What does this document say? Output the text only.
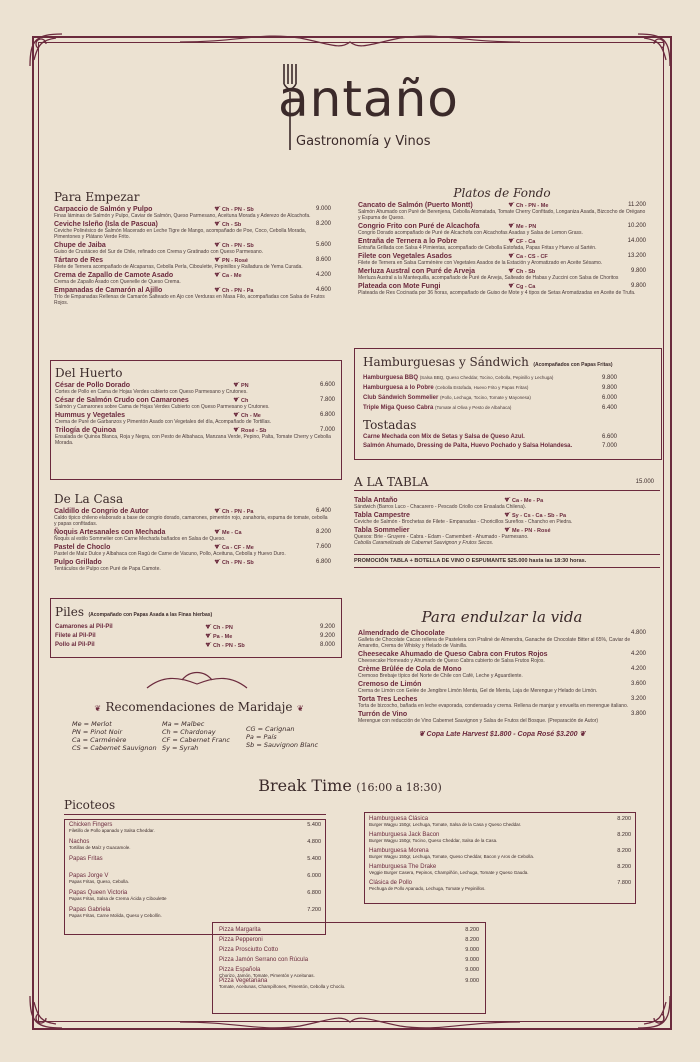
antaño
Gastronomía y Vinos
Para Empezar
Carpaccio de Salmón y Pulpo	Ch - PN - Sb	9.000
Finas láminas de Salmón y Pulpo, Caviar de Salmón, Queso Parmesano, Aceituna Morada y Aderezo de Alcachofa.
Ceviche Isleño (Isla de Pascua)	Ch - Sb	8.200
Ceviche Polinésico de Salmón Macerado en Leche Tigre de Mango, acompañado de Poe, Coco, Cebolla Morada, Pimentones y Plátano Verde Frito.
Chupe de Jaiba	Ch - PN - Sb	5.600
Guiso de Crustáceo del Sur de Chile, refinado con Crema y Gratinado con Queso Parmesano.
Tártaro de Res	PN - Rosé	8.600
Filete de Ternera acompañado de Alcaparras, Cebolla Perla, Ciboulette, Pepinillos y Ralladura de Yema Curada.
Crema de Zapallo de Camote Asado	Ca - Me	4.200
Crema de Zapallo Asado con Quenelle de Queso Crema.
Empanadas de Camarón al Ajillo	Ch - PN - Pa	4.600
Trío de Empanadas Rellenas de Camarón Salteado en Ajo con Verduras en Masa Filo, acompañadas con Salsa de Frutos Rojos.
Del Huerto
César de Pollo Dorado	PN	6.600
Cortes de Pollo en Cama de Hojas Verdes cubierto con Queso Parmesano y Crutones.
César de Salmón Crudo con Camarones	Ch	7.800
Salmón y Camarones sobre Cama de Hojas Verdes Cubierto con Queso Parmesano y Crutones.
Hummus y Vegetales	Ch - Me	6.800
Crema de Puré de Garbanzos y Pimentón Asado con Vegetales del día, Acompañado de Tortillas.
Trilogía de Quinoa	Rosé - Sb	7.000
Ensalada de Quinoa Blanca, Roja y Negra, con Pesto de Albahaca, Manzana Verde, Pepino, Palta, Tomate Cherry y Cebolla Morada.
De La Casa
Caldillo de Congrio de Autor	Ch - PN - Pa	6.400
Caldo típico chileno elaborado a base de congrio dorado, camarones, pimentón rojo, zanahoria, espuma de tomate, cebolla y papas confitadas.
Ñoquis Artesanales con Mechada	Me - Ca	8.200
Ñoquis al estilo Sommelier con Carne Mechada bañados en Salsa de Queso.
Pastel de Choclo	Ca - CF - Me	7.600
Pastel de Maíz Dulce y Albahaca con Ragú de Carne de Vacuno, Pollo, Aceituna, Cebolla y Huevo Duro.
Pulpo Grillado	Ch - PN - Sb	6.800
Tentáculos de Pulpo con Puré de Papa Camote.
Piles (Acompañado con Papas Asada a las Finas hierbas)
Camarones al Pil-Pil	Ch - PN	9.200
Filete al Pil-Pil	Pa - Me	9.200
Pollo al Pil-Pil	Ch - PN - Sb	8.000
❦ Recomendaciones de Maridaje ❦
Me = Merlot
PN = Pinot Noir
Ca = Carménère
CS = Cabernet Sauvignon
Ma = Malbec
Ch = Chardonay
CF = Cabernet Franc
Sy = Syrah
CG = Carignan
Pa = País
Sb = Sauvignon Blanc
Platos de Fondo
Cancato de Salmón (Puerto Montt)	Ch - PN - Me	11.200
Salmón Ahumado con Puré de Berenjena, Cebolla Atomatada, Tomate Cherry Confitado, Longaniza Asada, Bizcocho de Orégano y Espuma de Queso.
Congrio Frito con Puré de Alcachofa	Me - PN	10.200
Congrio Dorado acompañado de Puré de Alcachofa con Alcachofas Asadas y Salsa de Lemon Grass.
Entraña de Ternera a lo Pobre	CF - Ca	14.000
Entraña Grillada con Salsa 4 Pimientas, acompañado de Cebolla Estofada, Papas Fritas y Huevo al Sartén.
Filete con Vegetales Asados	Ca - CS - CF	13.200
Filete de Ternera en Salsa Carménère con Vegetales Asados de la Estación y Aromatizado en Aceite Sésamo.
Merluza Austral con Puré de Arveja	Ch - Sb	9.800
Merluza Austral a la Mantequilla, acompañado de Puré de Arveja, Salteado de Habas y Zuccini con Salsa de Choritos
Plateada con Mote Fungi	Cg - Ca	9.800
Plateada de Res Cocinada por 36 horas, acompañado de Guiso de Mote y 4 tipos de Setas Aromatizadas en Aceite de Trufa.
Hamburguesas y Sándwich (Acompañados con Papas Fritas)
Hamburguesa BBQ (Salsa BBQ, Queso Cheddar, Tocino, Cebolla, Pepinillo y Lechuga)	9.800
Hamburguesa a lo Pobre (Cebolla Estofada, Huevo Frito y Papas Fritas)	9.800
Club Sándwich Sommelier (Pollo, Lechuga, Tocino, Tomate y Mayonesa)	6.000
Triple Miga Queso Cabra (Tomate al Oliva y Pesto de Albahaca)	6.400
Tostadas
Carne Mechada con Mix de Setas y Salsa de Queso Azul.	6.600
Salmón Ahumado, Dressing de Palta, Huevo Pochado y Salsa Holandesa.	7.000
A LA TABLA	15.000
Tabla Antaño	Ca - Me - Pa
Sándwich (Barros Luco - Chacarero - Pescado Criollo con Ensalada Chilena).
Tabla Campestre	Sy - Cs - Ca - Sb - Pa
Ceviche de Salmón - Brochetas de Filete - Empanadas - Choricillos Sureños - Chancho en Piedra.
Tabla Sommelier	Me - PN - Rosé
Quesos: Brie - Gruyere - Cabra - Edam - Camembert - Ahumado - Parmesano.
Cebolla Caramelizada de Cabernet Sauvignon y Frutos Secos.
PROMOCIÓN TABLA + BOTELLA DE VINO O ESPUMANTE $25.000 hasta las 18:30 horas.
Para endulzar la vida
Almendrado de Chocolate	4.800
Galleta de Chocolate Cacao rellena de Pastelera con Praliné de Almendra, Ganache de Chocolate Bitter al 65%, Caviar de Amaretto, Crema de Whisky y Helado de Vainilla.
Cheesecake Ahumado de Queso Cabra con Frutos Rojos	4.200
Cheesecake Horneado y Ahumado de Queso Cabra cubierto de Salsa Frutos Rojos.
Crème Brûlée de Cola de Mono	4.200
Cremoso Brebaje típico del Norte de Chile con Café, Leche y Aguardiente.
Cremoso de Limón	3.600
Crema de Limón con Gelée de Jengibre Limón Menta, Gel de Menta, Laja de Merengue y Helado de Limón.
Torta Tres Leches	3.200
Torta de bizcocho, bañada en leche evaporada, condensada y crema. Rellena de manjar y envuelta en merengue italiano.
Turrón de Vino	3.800
Merengue con reducción de Vino Cabernet Sauvignon y Salsa de Frutos del Bosque. (Preparación de Autor)
❦ Copa Late Harvest $1.800 - Copa Rosé $3.200 ❦
Break Time (16:00 a 18:30)
Picoteos
Chicken Fingers	5.400
Filetillo de Pollo apanado y Salsa Cheddar.
Nachos	4.800
Tortillas de Maíz y Guacamole.
Papas Fritas	5.400
Papas Jorge V	6.000
Papas Fritas, Queso, Cebolla.
Papas Queen Victoria	6.800
Papas Fritas, Salsa de Crema Ácida y Ciboulette
Papas Gabriela	7.200
Papas Fritas, Carne Molida, Queso y Cebollín.
Hamburguesa Clásica	8.200
Burger Wagyu 150gr, Lechuga, Tomate, Salsa de la Casa y Queso Cheddar.
Hamburguesa Jack Bacon	8.200
Burger Wagyu 150gr, Tocino, Queso Cheddar, Salsa de la Casa.
Hamburguesa Morena	8.200
Burger Wagyu 150gr, Lechuga, Tomate, Queso Cheddar, Bacon y Aros de Cebolla.
Hamburguesa The Drake	8.200
Veggie Burger Casera, Pepinos, Champiñón, Lechuga, Tomate y Queso Gauda.
Clásica de Pollo	7.800
Pechuga de Pollo Apanado, Lechuga, Tomate y Pepinillos.
Pizza Margarita	8.200
Pizza Pepperoni	8.200
Pizza Prosciutto Cotto	9.000
Pizza Jamón Serrano con Rúcula	9.000
Pizza Española	9.000
Chorizo, Jamón, Tomate, Pimentón y Aceitunas.
Pizza Vegetariana	9.000
Tomate, Aceitunas, Champiñones, Pimentón, Cebolla y Choclo.
